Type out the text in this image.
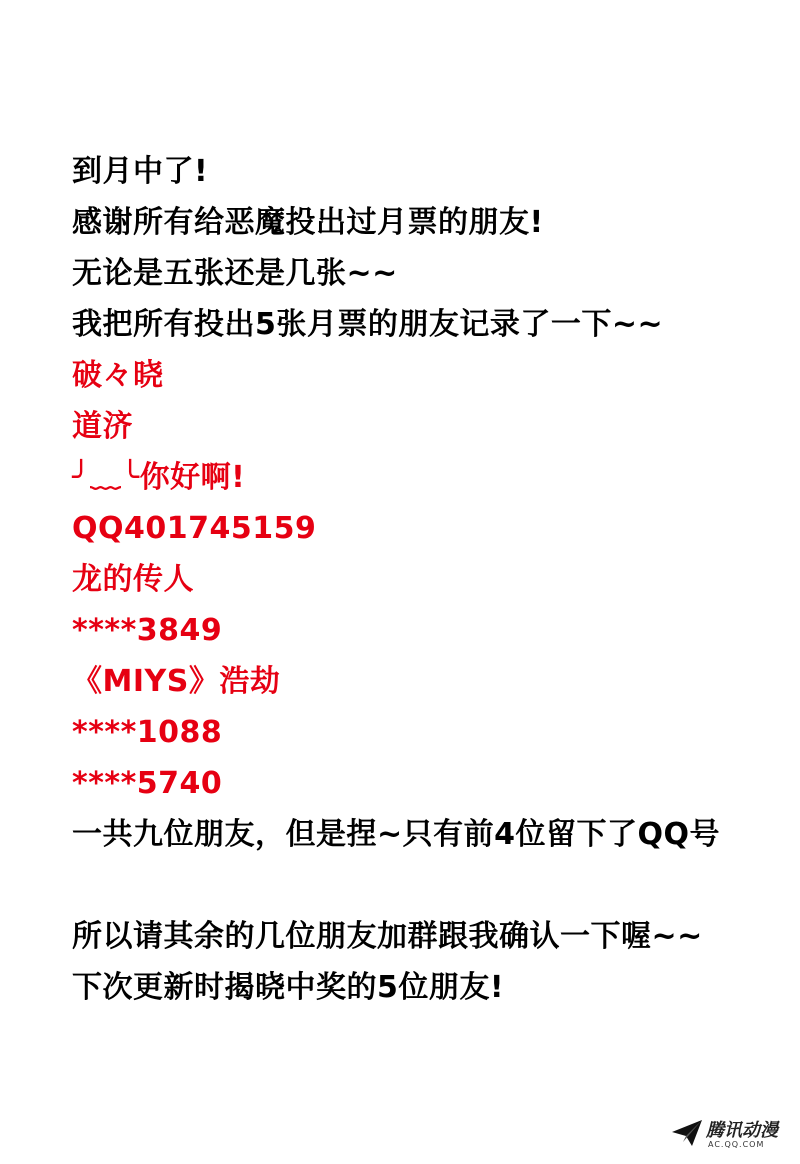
到月中了!
感谢所有给恶魔投出过月票的朋友!
无论是五张还是几张~~
我把所有投出5张月票的朋友记录了一下~~
破々晓
道济
╯﹏╰你好啊!
QQ401745159
龙的传人
****3849
《MIYS》浩劫
****1088
****5740
一共九位朋友，但是捏~只有前4位留下了QQ号
所以请其余的几位朋友加群跟我确认一下喔~~
下次更新时揭晓中奖的5位朋友!
腾讯动漫
AC.QQ.COM
